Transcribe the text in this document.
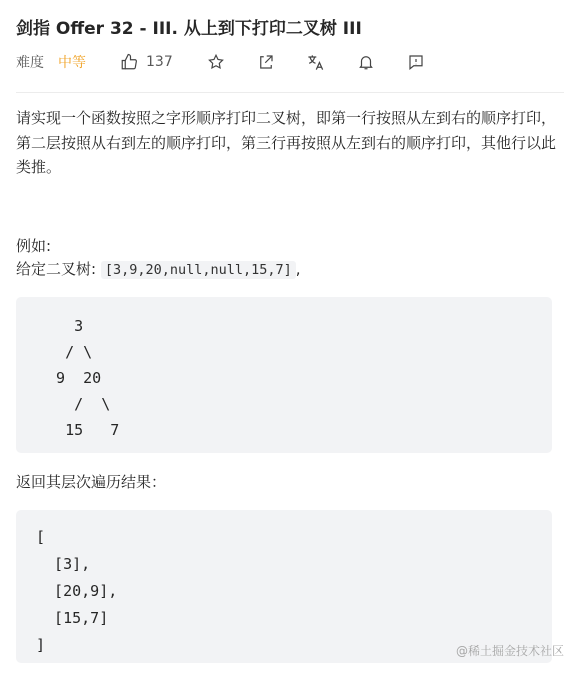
剑指 Offer 32 - III. 从上到下打印二叉树 III
难度 中等	137

请实现一个函数按照之字形顺序打印二叉树，即第一行按照从左到右的顺序打印，第二层按照从右到左的顺序打印，第三行再按照从左到右的顺序打印，其他行以此类推。

例如:
给定二叉树: [3,9,20,null,null,15,7] ,
3
/ \
9  20
/  \
15   7
返回其层次遍历结果：
[
[3],
[20,9],
[15,7]
]	@稀土掘金技术社区
